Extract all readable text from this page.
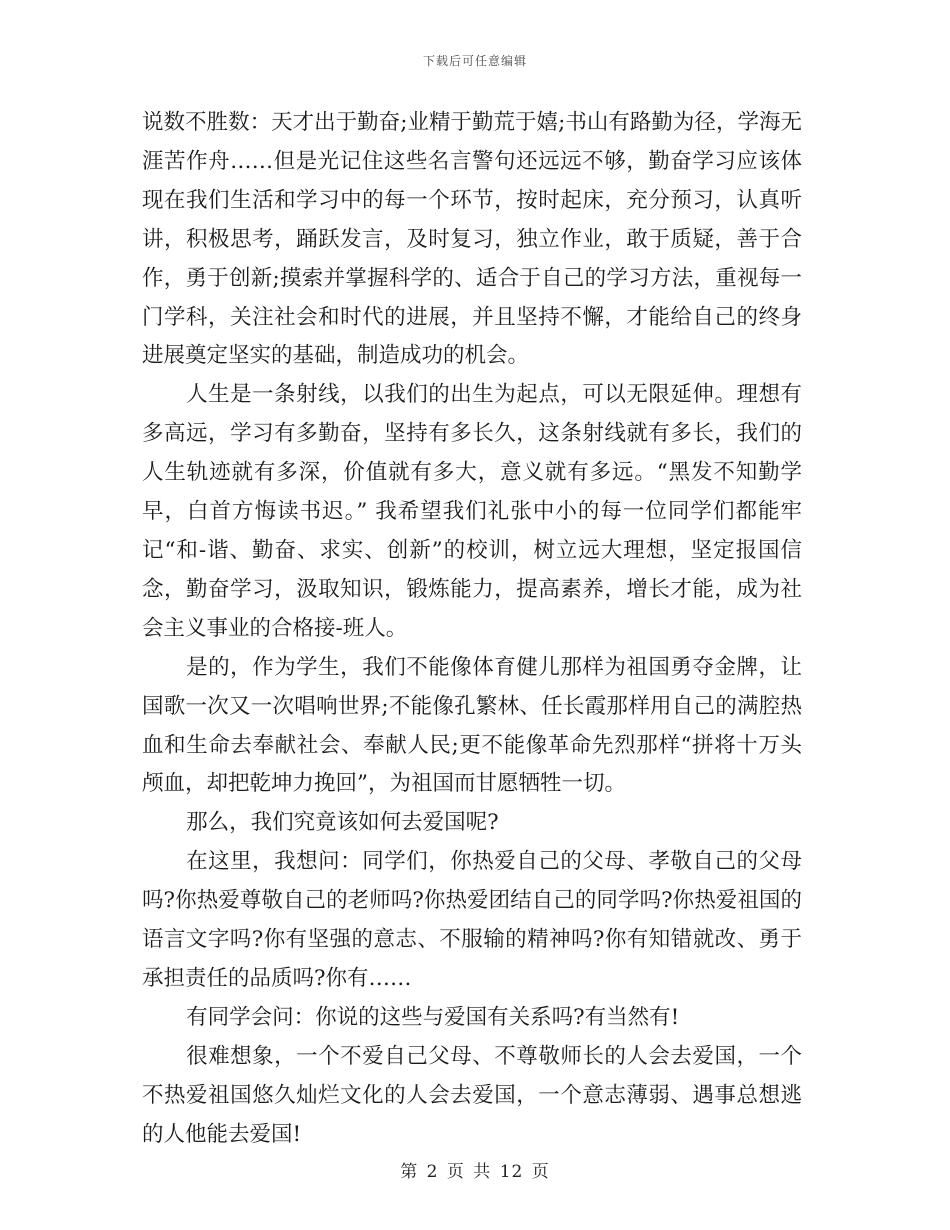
下载后可任意编辑

说数不胜数：天才出于勤奋;业精于勤荒于嬉;书山有路勤为径，学海无涯苦作舟……但是光记住这些名言警句还远远不够，勤奋学习应该体现在我们生活和学习中的每一个环节，按时起床，充分预习，认真听讲，积极思考，踊跃发言，及时复习，独立作业，敢于质疑，善于合作，勇于创新;摸索并掌握科学的、适合于自己的学习方法，重视每一门学科，关注社会和时代的进展，并且坚持不懈，才能给自己的终身进展奠定坚实的基础，制造成功的机会。

人生是一条射线，以我们的出生为起点，可以无限延伸。理想有多高远，学习有多勤奋，坚持有多长久，这条射线就有多长，我们的人生轨迹就有多深，价值就有多大，意义就有多远。“黑发不知勤学早，白首方悔读书迟。” 我希望我们礼张中小的每一位同学们都能牢记“和-谐、勤奋、求实、创新”的校训，树立远大理想，坚定报国信念，勤奋学习，汲取知识，锻炼能力，提高素养，增长才能，成为社会主义事业的合格接-班人。

是的，作为学生，我们不能像体育健儿那样为祖国勇夺金牌，让国歌一次又一次唱响世界;不能像孔繁林、任长霞那样用自己的满腔热血和生命去奉献社会、奉献人民;更不能像革命先烈那样“拼将十万头颅血，却把乾坤力挽回”，为祖国而甘愿牺牲一切。

那么，我们究竟该如何去爱国呢?

在这里，我想问：同学们，你热爱自己的父母、孝敬自己的父母吗?你热爱尊敬自己的老师吗?你热爱团结自己的同学吗?你热爱祖国的语言文字吗?你有坚强的意志、不服输的精神吗?你有知错就改、勇于承担责任的品质吗?你有……

有同学会问：你说的这些与爱国有关系吗?有当然有!

很难想象，一个不爱自己父母、不尊敬师长的人会去爱国，一个不热爱祖国悠久灿烂文化的人会去爱国，一个意志薄弱、遇事总想逃的人他能去爱国!

第 2 页 共 12 页
